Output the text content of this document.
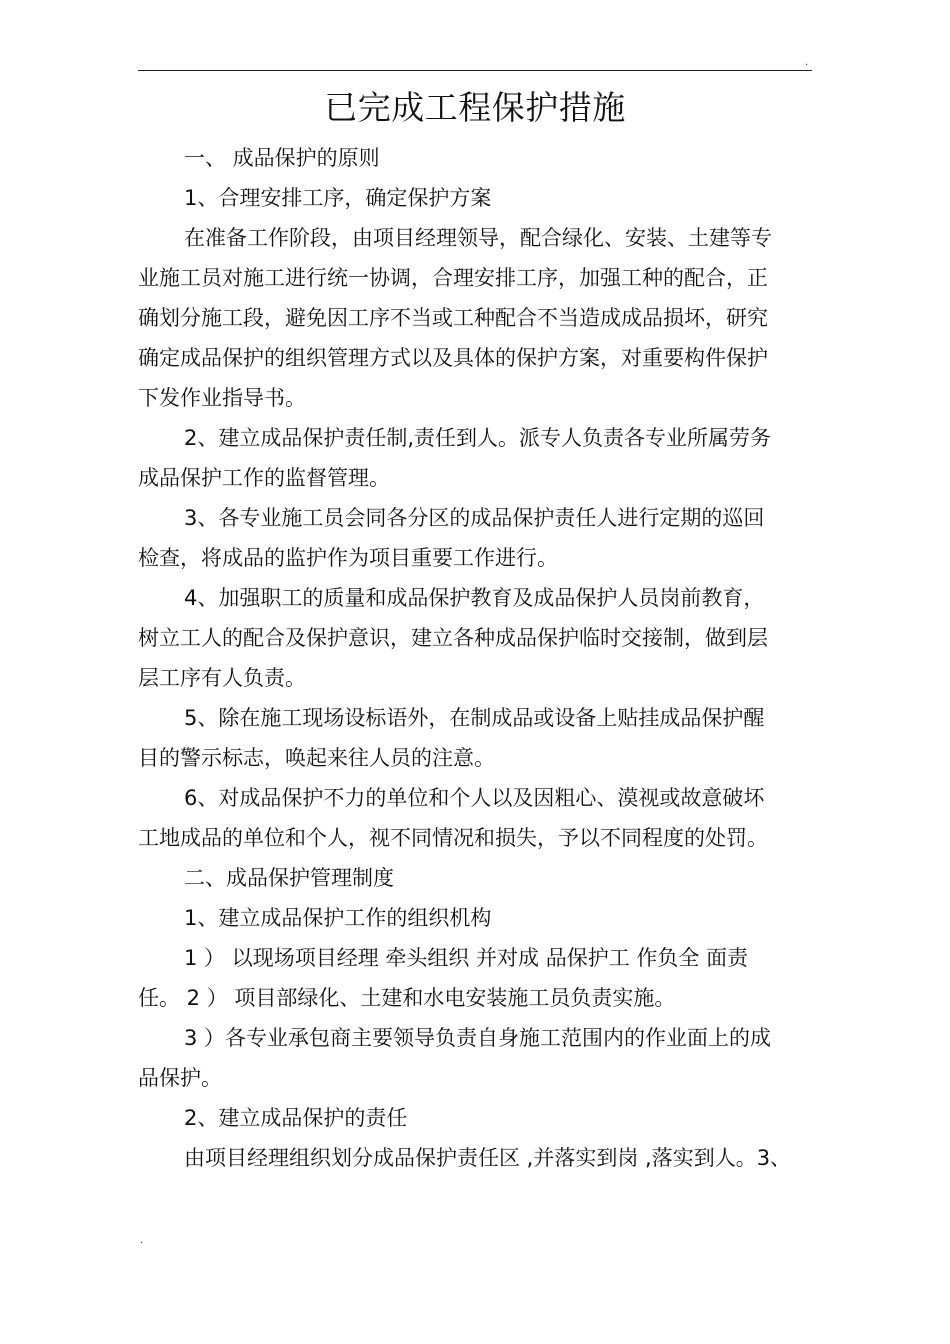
.
已完成工程保护措施
一、 成品保护的原则
1、合理安排工序，确定保护方案
在准备工作阶段，由项目经理领导，配合绿化、安装、土建等专
业施工员对施工进行统一协调，合理安排工序，加强工种的配合，正
确划分施工段，避免因工序不当或工种配合不当造成成品损坏，研究
确定成品保护的组织管理方式以及具体的保护方案，对重要构件保护
下发作业指导书。
2、建立成品保护责任制,责任到人。派专人负责各专业所属劳务
成品保护工作的监督管理。
3、各专业施工员会同各分区的成品保护责任人进行定期的巡回
检查，将成品的监护作为项目重要工作进行。
4、加强职工的质量和成品保护教育及成品保护人员岗前教育，
树立工人的配合及保护意识，建立各种成品保护临时交接制，做到层
层工序有人负责。
5、除在施工现场设标语外，在制成品或设备上贴挂成品保护醒
目的警示标志，唤起来往人员的注意。
6、对成品保护不力的单位和个人以及因粗心、漠视或故意破坏
工地成品的单位和个人，视不同情况和损失，予以不同程度的处罚。
二、成品保护管理制度
1、建立成品保护工作的组织机构
1 ） 以现场项目经理 牵头组织 并对成 品保护工 作负全 面责
任。 2 ） 项目部绿化、土建和水电安装施工员负责实施。
3 ）各专业承包商主要领导负责自身施工范围内的作业面上的成
品保护。
2、建立成品保护的责任
由项目经理组织划分成品保护责任区 ,并落实到岗 ,落实到人。3、
.
